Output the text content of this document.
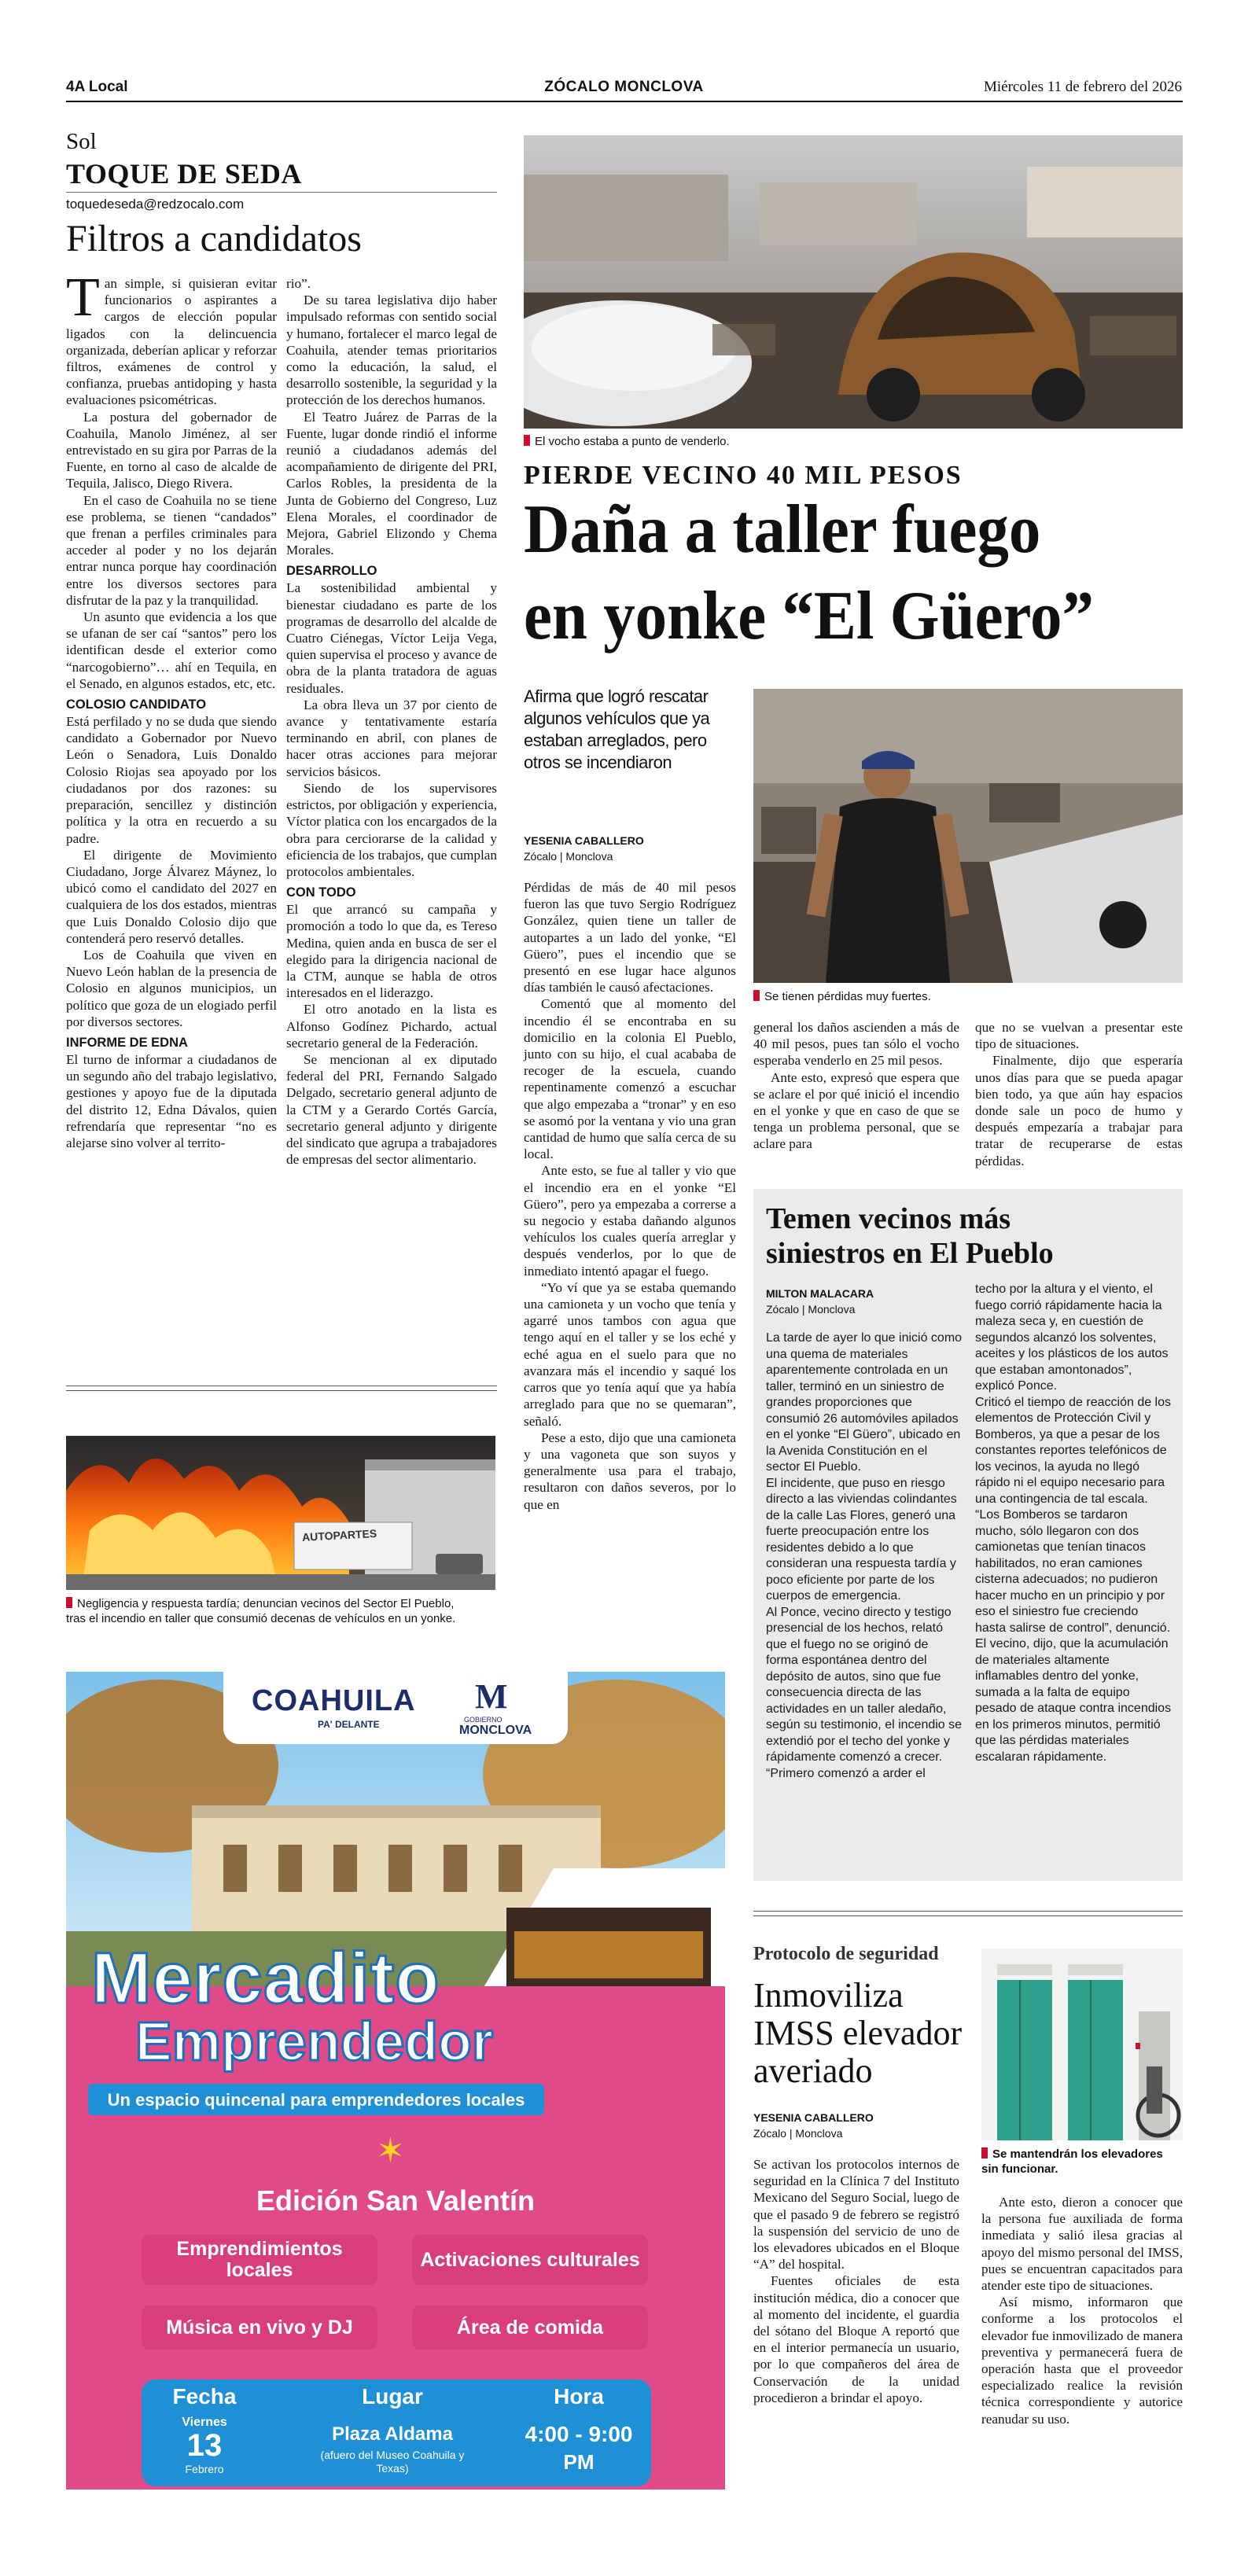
4A Local	ZÓCALO MONCLOVA	Miércoles 11 de febrero del 2026
Sol
TOQUE DE SEDA
toquedeseda@redzocalo.com
Filtros a candidatos

Tan simple, si quisieran evitar funcionarios o aspirantes a cargos de elección popular ligados con la delincuencia organizada, deberían aplicar y reforzar filtros, exámenes de control y confianza, pruebas antidoping y hasta evaluaciones psicométricas.

La postura del gobernador de Coahuila, Manolo Jiménez, al ser entrevistado en su gira por Parras de la Fuente, en torno al caso de alcalde de Tequila, Jalisco, Diego Rivera.

En el caso de Coahuila no se tiene ese problema, se tienen “candados” que frenan a perfiles criminales para acceder al poder y no los dejarán entrar nunca porque hay coordinación entre los diversos sectores para disfrutar de la paz y la tranquilidad.

Un asunto que evidencia a los que se ufanan de ser caí “santos” pero los identifican desde el exterior como “narcogobierno”… ahí en Tequila, en el Senado, en algunos estados, etc, etc.

COLOSIO CANDIDATO

Está perfilado y no se duda que siendo candidato a Gobernador por Nuevo León o Senadora, Luis Donaldo Colosio Riojas sea apoyado por los ciudadanos por dos razones: su preparación, sencillez y distinción política y la otra en recuerdo a su padre.

El dirigente de Movimiento Ciudadano, Jorge Álvarez Máynez, lo ubicó como el candidato del 2027 en cualquiera de los dos estados, mientras que Luis Donaldo Colosio dijo que contenderá pero reservó detalles.

Los de Coahuila que viven en Nuevo León hablan de la presencia de Colosio en algunos municipios, un político que goza de un elogiado perfil por diversos sectores.

INFORME DE EDNA

El turno de informar a ciudadanos de un segundo año del trabajo legislativo, gestiones y apoyo fue de la diputada del distrito 12, Edna Dávalos, quien refrendaría que representar “no es alejarse sino volver al territo-

rio”.

De su tarea legislativa dijo haber impulsado reformas con sentido social y humano, fortalecer el marco legal de Coahuila, atender temas prioritarios como la educación, la salud, el desarrollo sostenible, la seguridad y la protección de los derechos humanos.

El Teatro Juárez de Parras de la Fuente, lugar donde rindió el informe reunió a ciudadanos además del acompañamiento de dirigente del PRI, Carlos Robles, la presidenta de la Junta de Gobierno del Congreso, Luz Elena Morales, el coordinador de Mejora, Gabriel Elizondo y Chema Morales.

DESARROLLO

La sostenibilidad ambiental y bienestar ciudadano es parte de los programas de desarrollo del alcalde de Cuatro Ciénegas, Víctor Leija Vega, quien supervisa el proceso y avance de obra de la planta tratadora de aguas residuales.

La obra lleva un 37 por ciento de avance y tentativamente estaría terminando en abril, con planes de hacer otras acciones para mejorar servicios básicos.

Siendo de los supervisores estrictos, por obligación y experiencia, Víctor platica con los encargados de la obra para cerciorarse de la calidad y eficiencia de los trabajos, que cumplan protocolos ambientales.

CON TODO

El que arrancó su campaña y promoción a todo lo que da, es Tereso Medina, quien anda en busca de ser el elegido para la dirigencia nacional de la CTM, aunque se habla de otros interesados en el liderazgo.

El otro anotado en la lista es Alfonso Godínez Pichardo, actual secretario general de la Federación.

Se mencionan al ex diputado federal del PRI, Fernando Salgado Delgado, secretario general adjunto de la CTM y a Gerardo Cortés García, secretario general adjunto y dirigente del sindicato que agrupa a trabajadores de empresas del sector alimentario.

AUTOPARTES
Negligencia y respuesta tardía; denuncian vecinos del Sector El Pueblo,
tras el incendio en taller que consumió decenas de vehículos en un yonke.
COAHUILA
PA' DELANTE
M
GOBIERNO
MONCLOVA
Mercadito
Emprendedor
Un espacio quincenal para emprendedores locales
✶
Edición San Valentín
Emprendimientos locales	Activaciones culturales
Música en vivo y DJ	Área de comida
Fecha
Viernes
13
Febrero
Lugar
Plaza Aldama
(afuero del Museo Coahuila y Texas)
Hora
4:00 - 9:00
PM
El vocho estaba a punto de venderlo.
PIERDE VECINO 40 MIL PESOS
Daña a taller fuego
en yonke “El Güero”
Afirma que logró rescatar algunos vehículos que ya estaban arreglados, pero otros se incendiaron
YESENIA CABALLERO
Zócalo | Monclova
Se tienen pérdidas muy fuertes.

Pérdidas de más de 40 mil pesos fueron las que tuvo Sergio Rodríguez González, quien tiene un taller de autopartes a un lado del yonke, “El Güero”, pues el incendio que se presentó en ese lugar hace algunos días también le causó afectaciones.

Comentó que al momento del incendio él se encontraba en su domicilio en la colonia El Pueblo, junto con su hijo, el cual acababa de recoger de la escuela, cuando repentinamente comenzó a escuchar que algo empezaba a “tronar” y en eso se asomó por la ventana y vio una gran cantidad de humo que salía cerca de su local.

Ante esto, se fue al taller y vio que el incendio era en el yonke “El Güero”, pero ya empezaba a correrse a su negocio y estaba dañando algunos vehículos los cuales quería arreglar y después venderlos, por lo que de inmediato intentó apagar el fuego.

“Yo ví que ya se estaba quemando una camioneta y un vocho que tenía y agarré unos tambos con agua que tengo aquí en el taller y se los eché y eché agua en el suelo para que no avanzara más el incendio y saqué los carros que yo tenía aquí que ya había arreglado para que no se quemaran”, señaló.

Pese a esto, dijo que una camioneta y una vagoneta que son suyos y generalmente usa para el trabajo, resultaron con daños severos, por lo que en

general los daños ascienden a más de 40 mil pesos, pues tan sólo el vocho esperaba venderlo en 25 mil pesos.

Ante esto, expresó que espera que se aclare el por qué inició el incendio en el yonke y que en caso de que se tenga un problema personal, que se aclare para

que no se vuelvan a presentar este tipo de situaciones.

Finalmente, dijo que esperaría unos días para que se pueda apagar bien todo, ya que aún hay espacios donde sale un poco de humo y después empezaría a trabajar para tratar de recuperarse de estas pérdidas.

Temen vecinos más
siniestros en El Pueblo
MILTON MALACARA
Zócalo | Monclova

La tarde de ayer lo que inició como una quema de materiales aparentemente controlada en un taller, terminó en un siniestro de grandes proporciones que consumió 26 automóviles apilados en el yonke “El Güero”, ubicado en la Avenida Constitución en el sector El Pueblo.

El incidente, que puso en riesgo directo a las viviendas colindantes de la calle Las Flores, generó una fuerte preocupación entre los residentes debido a lo que consideran una respuesta tardía y poco eficiente por parte de los cuerpos de emergencia.

Al Ponce, vecino directo y testigo presencial de los hechos, relató que el fuego no se originó de forma espontánea dentro del depósito de autos, sino que fue consecuencia directa de las actividades en un taller aledaño, según su testimonio, el incendio se extendió por el techo del yonke y rápidamente comenzó a crecer.

“Primero comenzó a arder el

techo por la altura y el viento, el fuego corrió rápidamente hacia la maleza seca y, en cuestión de segundos alcanzó los solventes, aceites y los plásticos de los autos que estaban amontonados”, explicó Ponce.

Criticó el tiempo de reacción de los elementos de Protección Civil y Bomberos, ya que a pesar de los constantes reportes telefónicos de los vecinos, la ayuda no llegó rápido ni el equipo necesario para una contingencia de tal escala.

“Los Bomberos se tardaron mucho, sólo llegaron con dos camionetas que tenían tinacos habilitados, no eran camiones cisterna adecuados; no pudieron hacer mucho en un principio y por eso el siniestro fue creciendo hasta salirse de control”, denunció.

El vecino, dijo, que la acumulación de materiales altamente inflamables dentro del yonke, sumada a la falta de equipo pesado de ataque contra incendios en los primeros minutos, permitió que las pérdidas materiales escalaran rápidamente.

Protocolo de seguridad
Inmoviliza
IMSS elevador
averiado
YESENIA CABALLERO
Zócalo | Monclova

Se activan los protocolos internos de seguridad en la Clínica 7 del Instituto Mexicano del Seguro Social, luego de que el pasado 9 de febrero se registró la suspensión del servicio de uno de los elevadores ubicados en el Bloque “A” del hospital.

Fuentes oficiales de esta institución médica, dio a conocer que al momento del incidente, el guardia del sótano del Bloque A reportó que en el interior permanecía un usuario, por lo que compañeros del área de Conservación de la unidad procedieron a brindar el apoyo.

Se mantendrán los elevadores
sin funcionar.

Ante esto, dieron a conocer que la persona fue auxiliada de forma inmediata y salió ilesa gracias al apoyo del mismo personal del IMSS, pues se encuentran capacitados para atender este tipo de situaciones.

Así mismo, informaron que conforme a los protocolos el elevador fue inmovilizado de manera preventiva y permanecerá fuera de operación hasta que el proveedor especializado realice la revisión técnica correspondiente y autorice reanudar su uso.
